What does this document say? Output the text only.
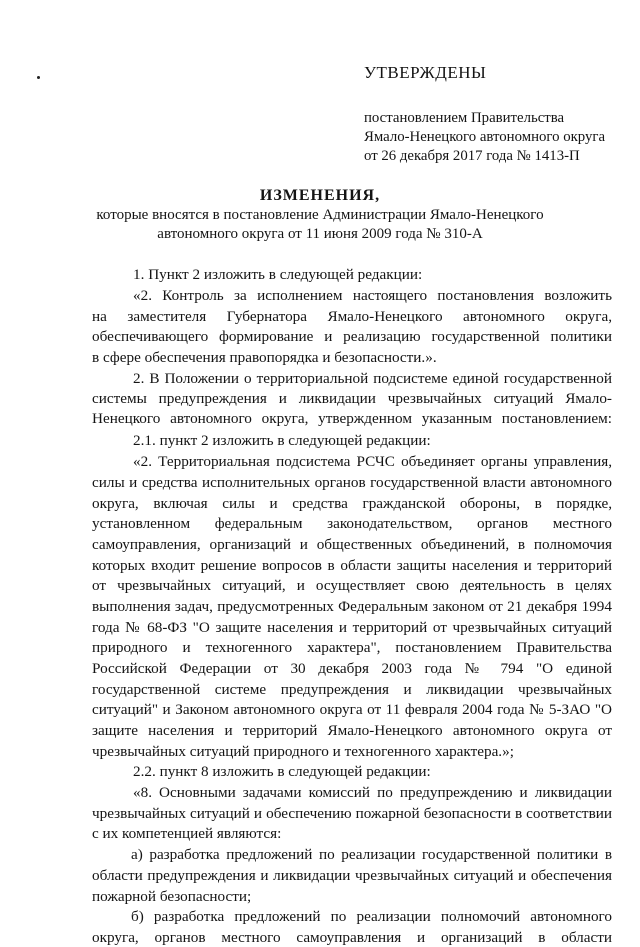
УТВЕРЖДЕНЫ
постановлением Правительства
Ямало-Ненецкого автономного округа
от 26 декабря 2017 года № 1413-П
ИЗМЕНЕНИЯ,
которые вносятся в постановление Администрации Ямало-Ненецкого
автономного округа от 11 июня 2009 года № 310-А
1. Пункт 2 изложить в следующей редакции:
«2. Контроль за исполнением настоящего постановления возложить
на заместителя Губернатора Ямало-Ненецкого автономного округа,
обеспечивающего формирование и реализацию государственной политики
в сфере обеспечения правопорядка и безопасности.».
2. В Положении о территориальной подсистеме единой государственной
системы предупреждения и ликвидации чрезвычайных ситуаций Ямало-
Ненецкого автономного округа, утвержденном указанным постановлением:
2.1. пункт 2 изложить в следующей редакции:
«2. Территориальная подсистема РСЧС объединяет органы управления,
силы и средства исполнительных органов государственной власти автономного
округа, включая силы и средства гражданской обороны, в порядке,
установленном федеральным законодательством, органов местного
самоуправления, организаций и общественных объединений, в полномочия
которых входит решение вопросов в области защиты населения и территорий
от чрезвычайных ситуаций, и осуществляет свою деятельность в целях
выполнения задач, предусмотренных Федеральным законом от 21 декабря 1994
года № 68-ФЗ "О защите населения и территорий от чрезвычайных ситуаций
природного и техногенного характера", постановлением Правительства
Российской Федерации от 30 декабря 2003 года № 794 "О единой
государственной системе предупреждения и ликвидации чрезвычайных
ситуаций" и Законом автономного округа от 11 февраля 2004 года № 5-ЗАО "О
защите населения и территорий Ямало-Ненецкого автономного округа от
чрезвычайных ситуаций природного и техногенного характера.»;
2.2. пункт 8 изложить в следующей редакции:
«8. Основными задачами комиссий по предупреждению и ликвидации
чрезвычайных ситуаций и обеспечению пожарной безопасности в соответствии
с их компетенцией являются:
а) разработка предложений по реализации государственной политики в
области предупреждения и ликвидации чрезвычайных ситуаций и обеспечения
пожарной безопасности;
б) разработка предложений по реализации полномочий автономного
округа, органов местного самоуправления и организаций в области
